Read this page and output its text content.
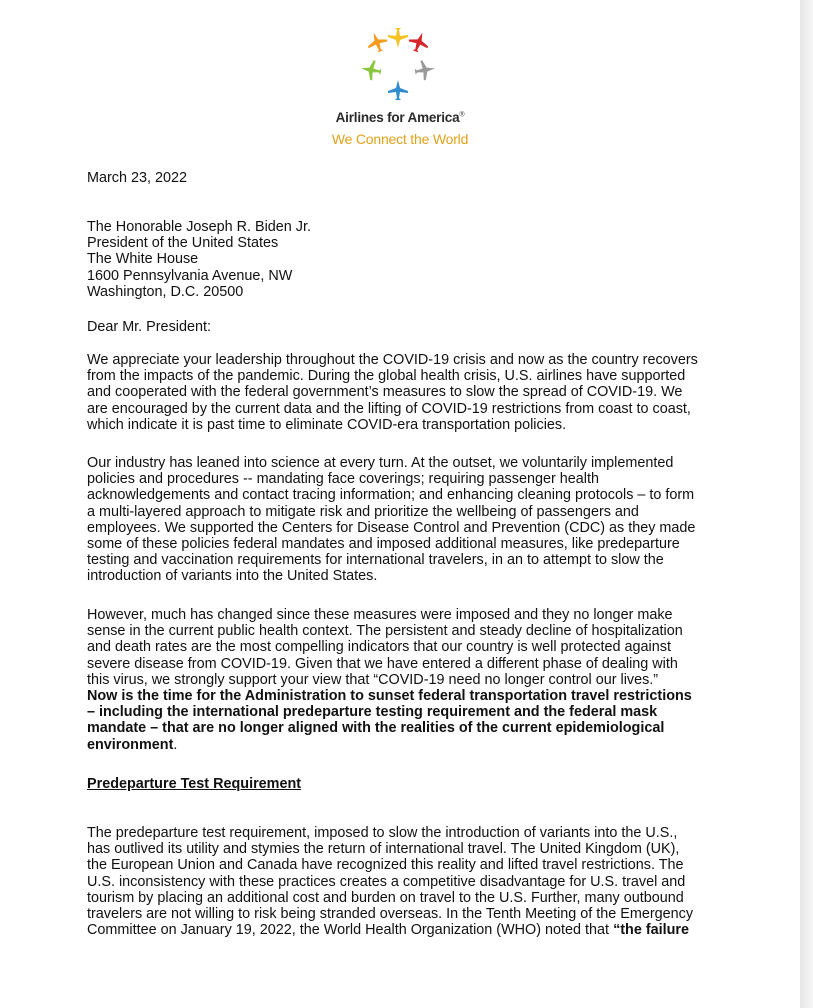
Airlines for America®

We Connect the World

March 23, 2022

The Honorable Joseph R. Biden Jr.
President of the United States
The White House
1600 Pennsylvania Avenue, NW
Washington, D.C. 20500

Dear Mr. President:

We appreciate your leadership throughout the COVID-19 crisis and now as the country recovers
from the impacts of the pandemic. During the global health crisis, U.S. airlines have supported
and cooperated with the federal government’s measures to slow the spread of COVID-19. We
are encouraged by the current data and the lifting of COVID-19 restrictions from coast to coast,
which indicate it is past time to eliminate COVID-era transportation policies.

Our industry has leaned into science at every turn. At the outset, we voluntarily implemented
policies and procedures -- mandating face coverings; requiring passenger health
acknowledgements and contact tracing information; and enhancing cleaning protocols – to form
a multi-layered approach to mitigate risk and prioritize the wellbeing of passengers and
employees. We supported the Centers for Disease Control and Prevention (CDC) as they made
some of these policies federal mandates and imposed additional measures, like predeparture
testing and vaccination requirements for international travelers, in an to attempt to slow the
introduction of variants into the United States.

However, much has changed since these measures were imposed and they no longer make
sense in the current public health context. The persistent and steady decline of hospitalization
and death rates are the most compelling indicators that our country is well protected against
severe disease from COVID-19. Given that we have entered a different phase of dealing with
this virus, we strongly support your view that “COVID-19 need no longer control our lives.”
Now is the time for the Administration to sunset federal transportation travel restrictions
– including the international predeparture testing requirement and the federal mask
mandate – that are no longer aligned with the realities of the current epidemiological
environment.

Predeparture Test Requirement

The predeparture test requirement, imposed to slow the introduction of variants into the U.S.,
has outlived its utility and stymies the return of international travel. The United Kingdom (UK),
the European Union and Canada have recognized this reality and lifted travel restrictions. The
U.S. inconsistency with these practices creates a competitive disadvantage for U.S. travel and
tourism by placing an additional cost and burden on travel to the U.S. Further, many outbound
travelers are not willing to risk being stranded overseas. In the Tenth Meeting of the Emergency
Committee on January 19, 2022, the World Health Organization (WHO) noted that “the failure
